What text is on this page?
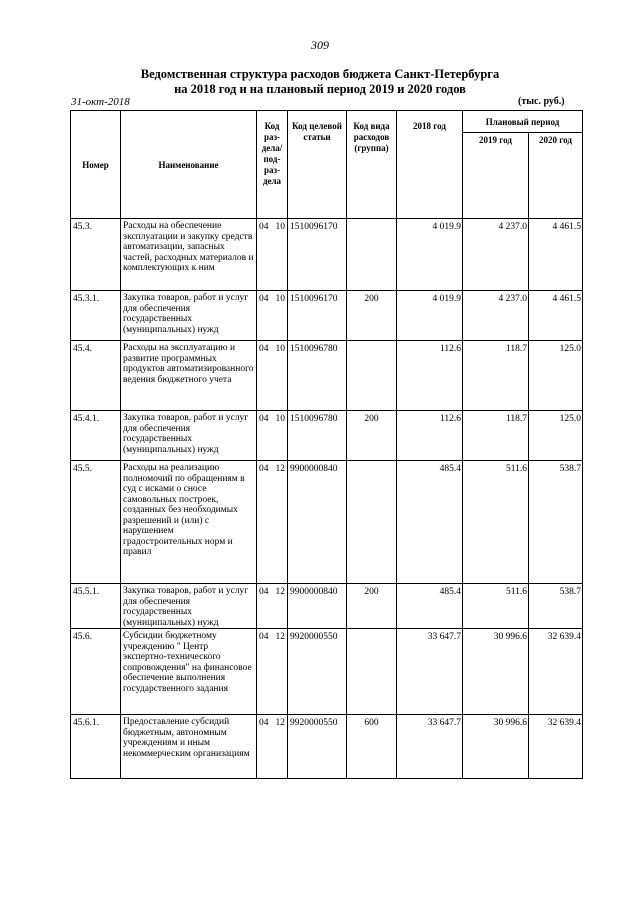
309
Ведомственная структура расходов бюджета Санкт-Петербурга
на 2018 год и на плановый период 2019 и 2020 годов
31-окт-2018	(тыс. руб.)
Номер	Наименование	Код раз-дела/ под-раз-дела		Код целевой статьи	Код вида расходов (группа)	2018 год	Плановый период	
							2019 год	2020 год
45.3.	Расходы на обеспечение эксплуатации и закупку средств автоматизации, запасных частей, расходных материалов и комплектующих к ним	04	10	1510096170		4 019.9	4 237.0	4 461.5
45.3.1.	Закупка товаров, работ и услуг для обеспечения государственных (муниципальных) нужд	04	10	1510096170	200	4 019.9	4 237.0	4 461.5
45.4.	Расходы на эксплуатацию и развитие программных продуктов автоматизированного ведения бюджетного учета	04	10	1510096780		112.6	118.7	125.0
45.4.1.	Закупка товаров, работ и услуг для обеспечения государственных (муниципальных) нужд	04	10	1510096780	200	112.6	118.7	125.0
45.5.	Расходы на реализацию полномочий по обращениям в суд с исками о сносе самовольных построек, созданных без необходимых разрешений и (или) с нарушением градостроительных норм и правил	04	12	9900000840		485.4	511.6	538.7
45.5.1.	Закупка товаров, работ и услуг для обеспечения государственных (муниципальных) нужд	04	12	9900000840	200	485.4	511.6	538.7
45.6.	Субсидии бюджетному учреждению " Центр экспертно-технического сопровождения" на финансовое обеспечение выполнения государственного задания	04	12	9920000550		33 647.7	30 996.6	32 639.4
45.6.1.	Предоставление субсидий бюджетным, автономным учреждениям и иным некоммерческим организациям	04	12	9920000550	600	33 647.7	30 996.6	32 639.4
